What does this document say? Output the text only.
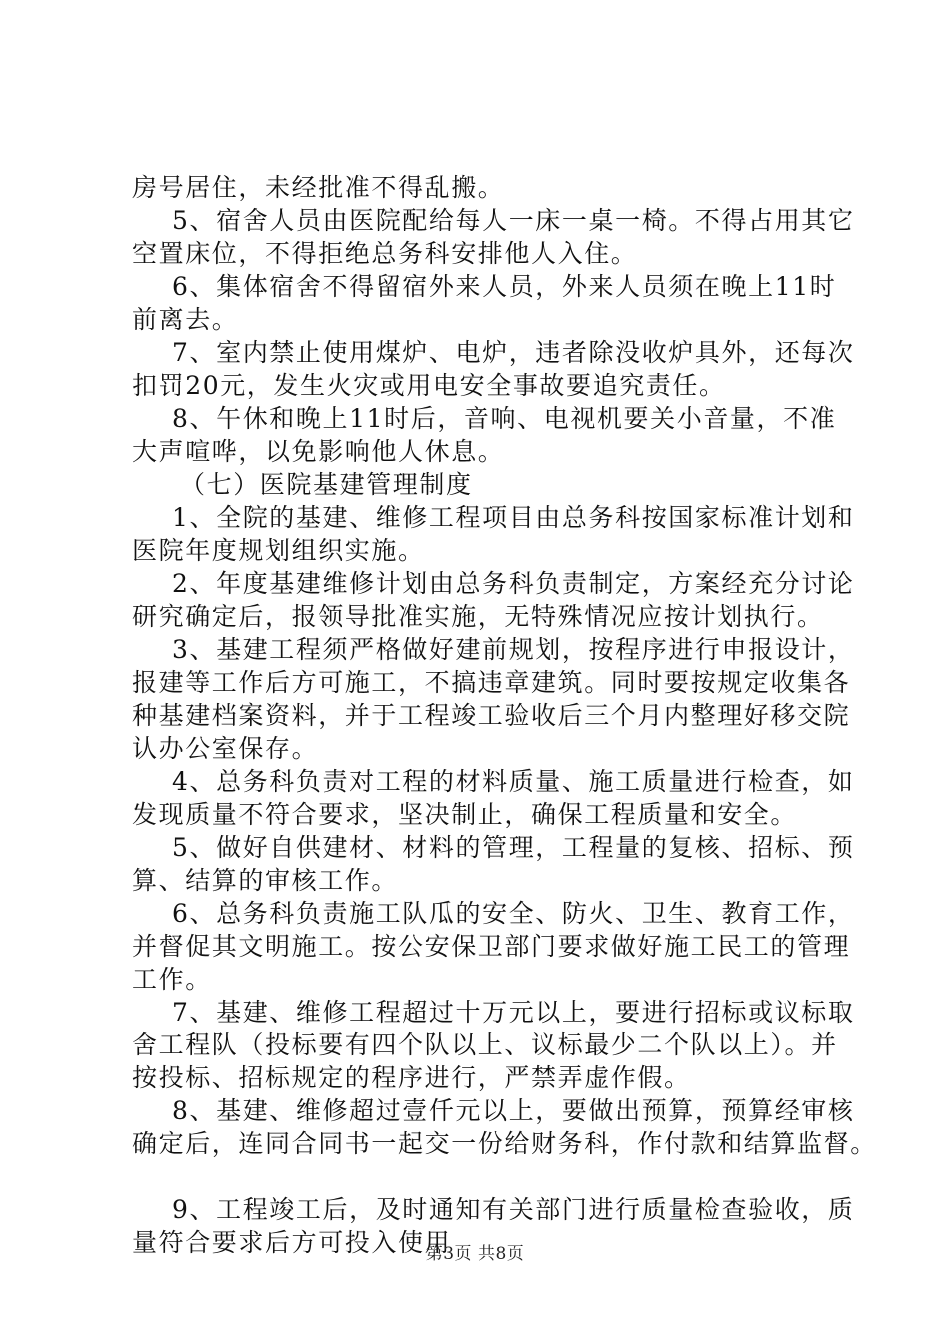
房号居住，未经批准不得乱搬。
5、宿舍人员由医院配给每人一床一桌一椅。不得占用其它
空置床位，不得拒绝总务科安排他人入住。
6、集体宿舍不得留宿外来人员，外来人员须在晚上11时
前离去。
7、室内禁止使用煤炉、电炉，违者除没收炉具外，还每次
扣罚20元，发生火灾或用电安全事故要追究责任。
8、午休和晚上11时后，音响、电视机要关小音量，不准
大声喧哗，以免影响他人休息。
（七）医院基建管理制度
1、全院的基建、维修工程项目由总务科按国家标准计划和
医院年度规划组织实施。
2、年度基建维修计划由总务科负责制定，方案经充分讨论
研究确定后，报领导批准实施，无特殊情况应按计划执行。
3、基建工程须严格做好建前规划，按程序进行申报设计，
报建等工作后方可施工，不搞违章建筑。同时要按规定收集各
种基建档案资料，并于工程竣工验收后三个月内整理好移交院
认办公室保存。
4、总务科负责对工程的材料质量、施工质量进行检查，如
发现质量不符合要求，坚决制止，确保工程质量和安全。
5、做好自供建材、材料的管理，工程量的复核、招标、预
算、结算的审核工作。
6、总务科负责施工队瓜的安全、防火、卫生、教育工作，
并督促其文明施工。按公安保卫部门要求做好施工民工的管理
工作。
7、基建、维修工程超过十万元以上，要进行招标或议标取
舍工程队（投标要有四个队以上、议标最少二个队以上）。并
按投标、招标规定的程序进行，严禁弄虚作假。
8、基建、维修超过壹仟元以上，要做出预算，预算经审核
确定后，连同合同书一起交一份给财务科，作付款和结算监督。
9、工程竣工后，及时通知有关部门进行质量检查验收，质
量符合要求后方可投入使用
第3页 共8页
